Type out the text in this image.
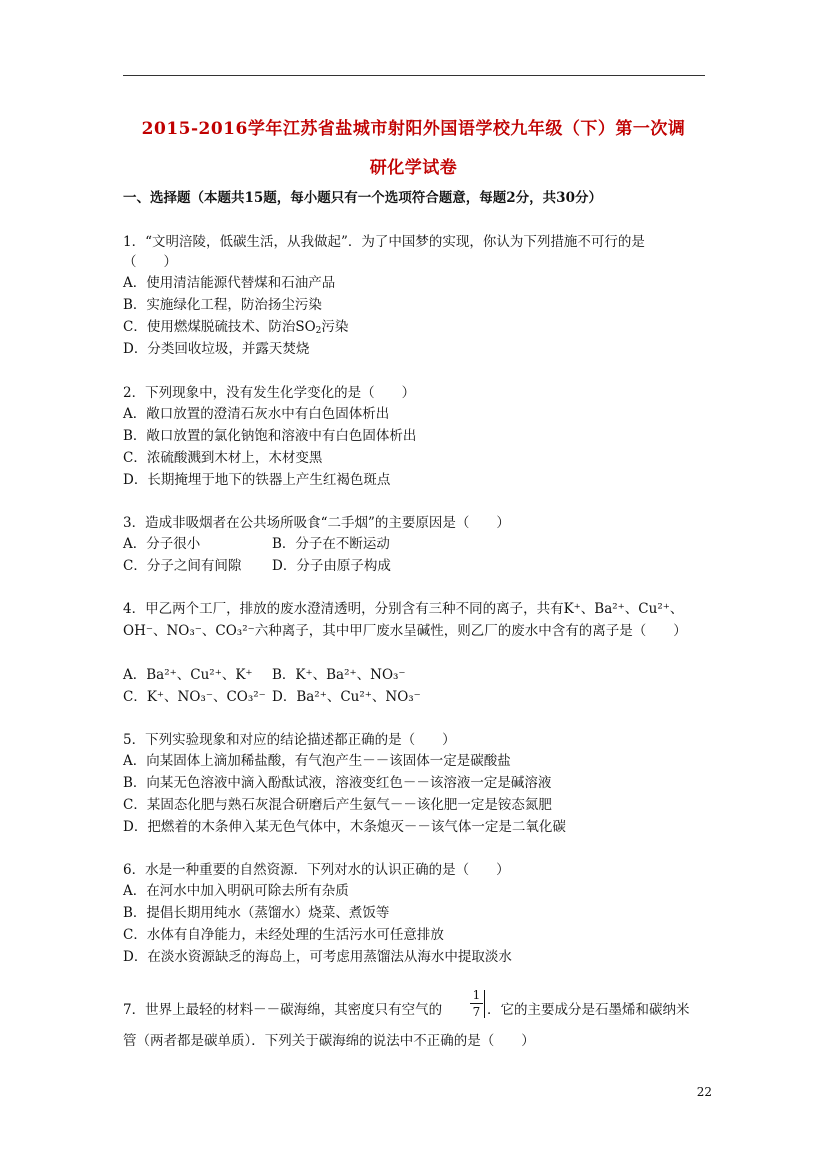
2015-2016学年江苏省盐城市射阳外国语学校九年级（下）第一次调
研化学试卷
一、选择题（本题共15题，每小题只有一个选项符合题意，每题2分，共30分）
1．“文明涪陵，低碳生活，从我做起”．为了中国梦的实现，你认为下列措施不可行的是
（　　）
A．使用清洁能源代替煤和石油产品
B．实施绿化工程，防治扬尘污染
C．使用燃煤脱硫技术、防治SO2污染
D．分类回收垃圾，并露天焚烧
2．下列现象中，没有发生化学变化的是（　　）
A．敞口放置的澄清石灰水中有白色固体析出
B．敞口放置的氯化钠饱和溶液中有白色固体析出
C．浓硫酸溅到木材上，木材变黑
D．长期掩埋于地下的铁器上产生红褐色斑点
3．造成非吸烟者在公共场所吸食“二手烟”的主要原因是（　　）
A．分子很小	B．分子在不断运动
C．分子之间有间隙 D．分子由原子构成
4．甲乙两个工厂，排放的废水澄清透明，分别含有三种不同的离子，共有K⁺、Ba²⁺、Cu²⁺、
OH⁻、NO₃⁻、CO₃²⁻六种离子，其中甲厂废水呈碱性，则乙厂的废水中含有的离子是（　　）
A．Ba²⁺、Cu²⁺、K⁺ B．K⁺、Ba²⁺、NO₃⁻
C．K⁺、NO₃⁻、CO₃²⁻ D．Ba²⁺、Cu²⁺、NO₃⁻
5．下列实验现象和对应的结论描述都正确的是（　　）
A．向某固体上滴加稀盐酸，有气泡产生－－该固体一定是碳酸盐
B．向某无色溶液中滴入酚酞试液，溶液变红色－－该溶液一定是碱溶液
C．某固态化肥与熟石灰混合研磨后产生氨气－－该化肥一定是铵态氮肥
D．把燃着的木条伸入某无色气体中，木条熄灭－－该气体一定是二氧化碳
6．水是一种重要的自然资源．下列对水的认识正确的是（　　）
A．在河水中加入明矾可除去所有杂质
B．提倡长期用纯水（蒸馏水）烧菜、煮饭等
C．水体有自净能力，未经处理的生活污水可任意排放
D．在淡水资源缺乏的海岛上，可考虑用蒸馏法从海水中提取淡水
7．世界上最轻的材料－－碳海绵，其密度只有空气的
1
7 ．它的主要成分是石墨烯和碳纳米
管（两者都是碳单质）．下列关于碳海绵的说法中不正确的是（　　）
22
